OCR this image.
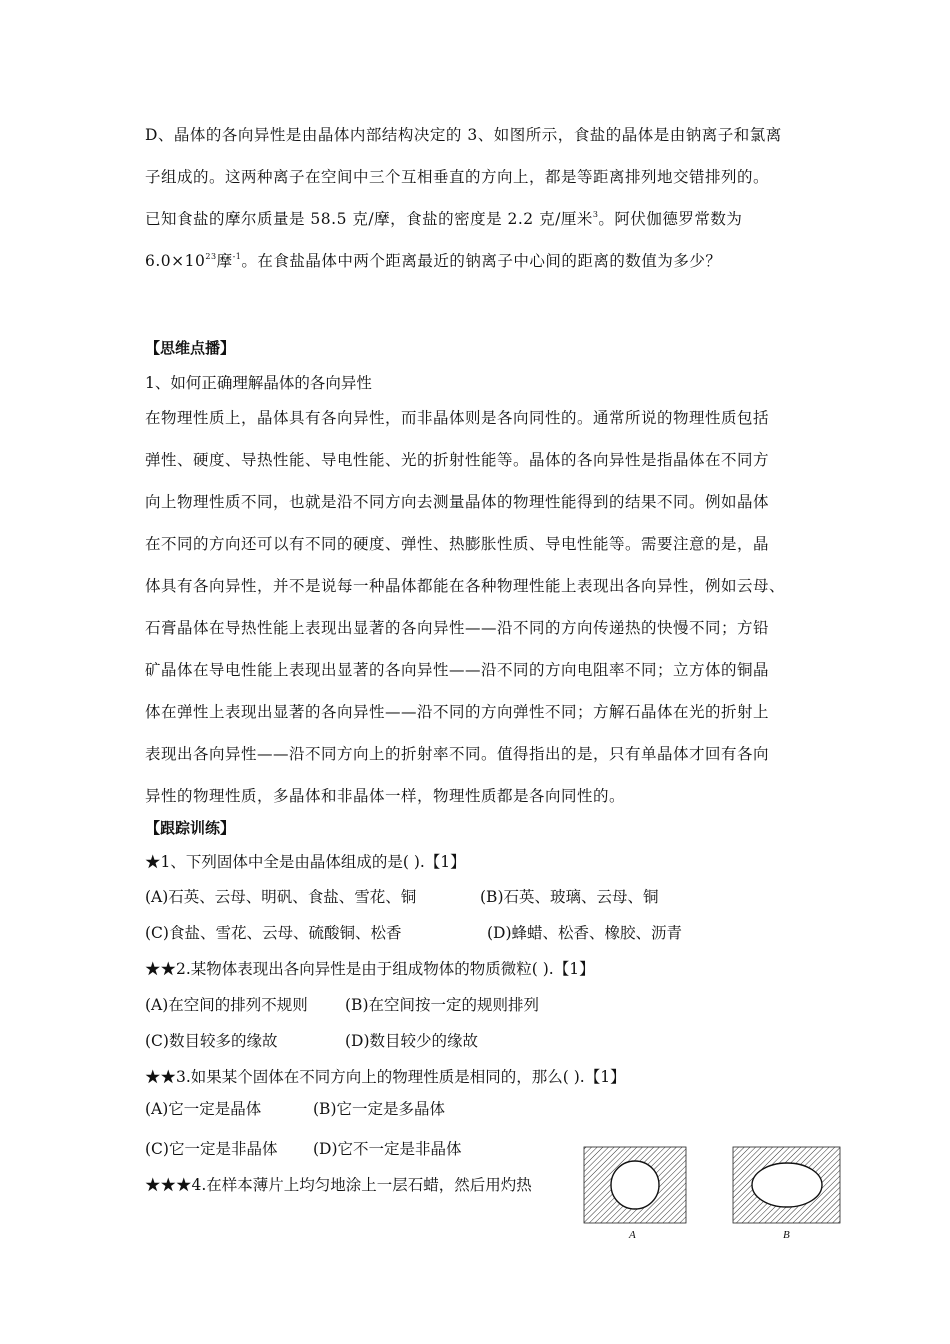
D、晶体的各向异性是由晶体内部结构决定的 3、如图所示，食盐的晶体是由钠离子和氯离
子组成的。这两种离子在空间中三个互相垂直的方向上，都是等距离排列地交错排列的。
已知食盐的摩尔质量是 58.5 克/摩，食盐的密度是 2.2 克/厘米$^3$。阿伏伽德罗常数为
$6.0\times 10^{23}$摩$^{-1}$。在食盐晶体中两个距离最近的钠离子中心间的距离的数值为多少？
【思维点播】
1、如何正确理解晶体的各向异性
在物理性质上，晶体具有各向异性，而非晶体则是各向同性的。通常所说的物理性质包括
弹性、硬度、导热性能、导电性能、光的折射性能等。晶体的各向异性是指晶体在不同方
向上物理性质不同，也就是沿不同方向去测量晶体的物理性能得到的结果不同。例如晶体
在不同的方向还可以有不同的硬度、弹性、热膨胀性质、导电性能等。需要注意的是，晶
体具有各向异性，并不是说每一种晶体都能在各种物理性能上表现出各向异性，例如云母、
石膏晶体在导热性能上表现出显著的各向异性——沿不同的方向传递热的快慢不同；方铅
矿晶体在导电性能上表现出显著的各向异性——沿不同的方向电阻率不同；立方体的铜晶
体在弹性上表现出显著的各向异性——沿不同的方向弹性不同；方解石晶体在光的折射上
表现出各向异性——沿不同方向上的折射率不同。值得指出的是，只有单晶体才回有各向
异性的物理性质，多晶体和非晶体一样，物理性质都是各向同性的。
【跟踪训练】
★1、下列固体中全是由晶体组成的是( ).【1】
(A)石英、云母、明矾、食盐、雪花、铜	(B)石英、玻璃、云母、铜
(C)食盐、雪花、云母、硫酸铜、松香	(D)蜂蜡、松香、橡胶、沥青
★★2.某物体表现出各向异性是由于组成物体的物质微粒( ).【1】
(A)在空间的排列不规则 (B)在空间按一定的规则排列
(C)数目较多的缘故	(D)数目较少的缘故
★★3.如果某个固体在不同方向上的物理性质是相同的，那么( ).【1】
(A)它一定是晶体	(B)它一定是多晶体
(C)它一定是非晶体 (D)它不一定是非晶体
★★★4.在样本薄片上均匀地涂上一层石蜡，然后用灼热
A	B
